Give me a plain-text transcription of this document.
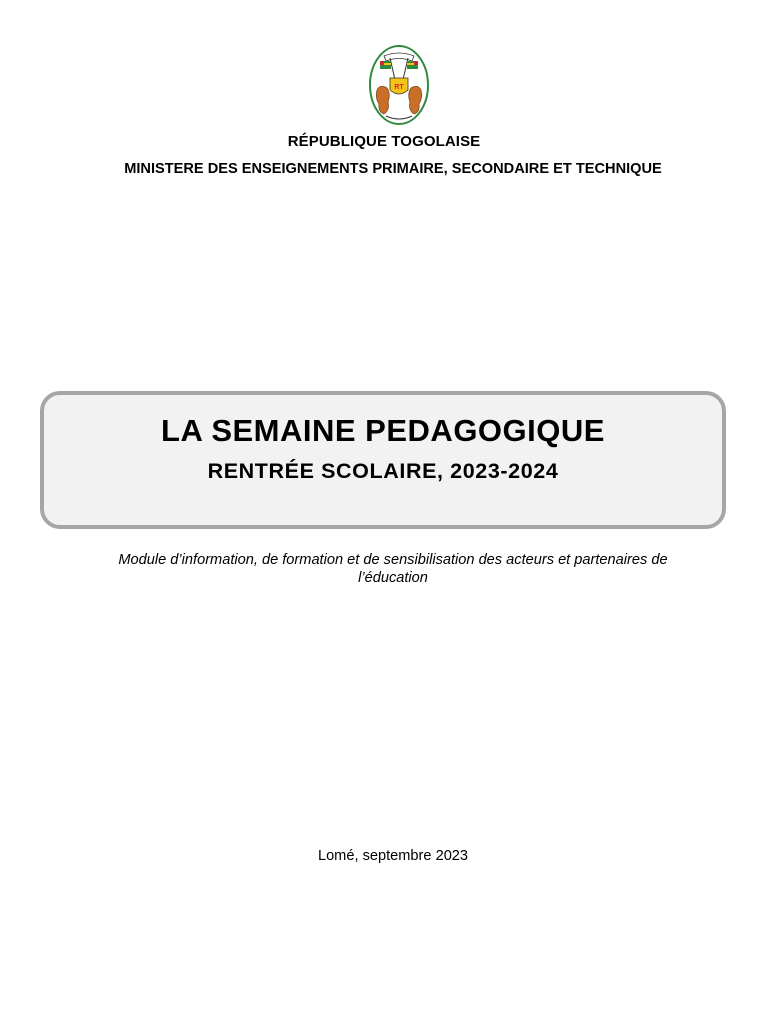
RT
RÉPUBLIQUE TOGOLAISE
MINISTERE DES ENSEIGNEMENTS PRIMAIRE, SECONDAIRE ET TECHNIQUE
LA SEMAINE PEDAGOGIQUE
RENTRÉE SCOLAIRE, 2023-2024
Module d’information, de formation et de sensibilisation des acteurs et partenaires de
l’éducation
Lomé, septembre 2023
